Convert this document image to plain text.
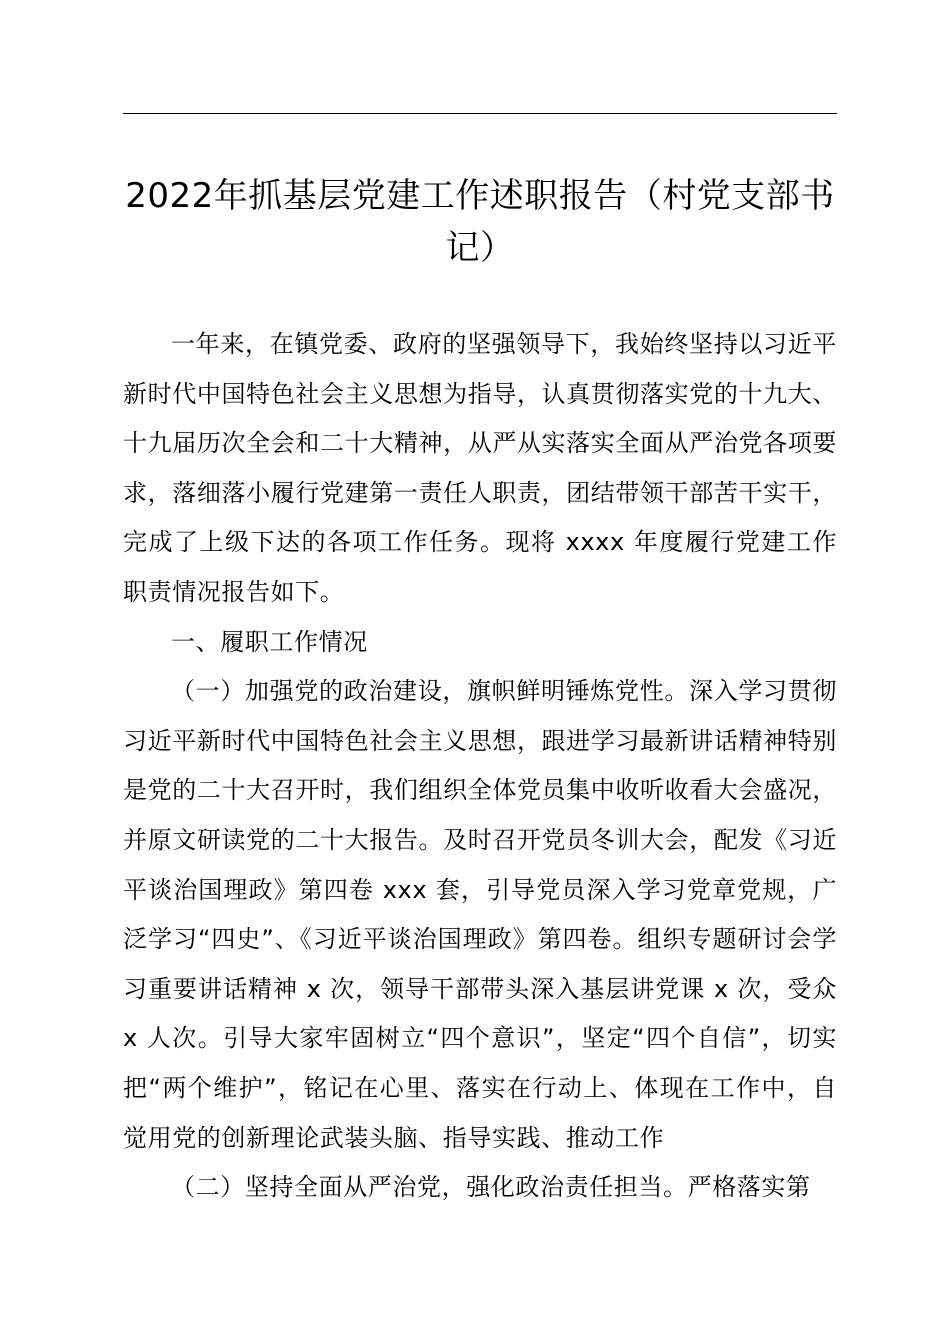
2022年抓基层党建工作述职报告（村党支部书记）

一年来，在镇党委、政府的坚强领导下，我始终坚持以习近平新时代中国特色社会主义思想为指导，认真贯彻落实党的十九大、十九届历次全会和二十大精神，从严从实落实全面从严治党各项要求，落细落小履行党建第一责任人职责，团结带领干部苦干实干，完成了上级下达的各项工作任务。现将 xxxx 年度履行党建工作职责情况报告如下。

一、履职工作情况

（一）加强党的政治建设，旗帜鲜明锤炼党性。深入学习贯彻习近平新时代中国特色社会主义思想，跟进学习最新讲话精神特别是党的二十大召开时，我们组织全体党员集中收听收看大会盛况，并原文研读党的二十大报告。及时召开党员冬训大会，配发《习近平谈治国理政》第四卷 xxx 套，引导党员深入学习党章党规，广泛学习“四史”、《习近平谈治国理政》第四卷。组织专题研讨会学习重要讲话精神 x 次，领导干部带头深入基层讲党课 x 次，受众 x 人次。引导大家牢固树立“四个意识”，坚定“四个自信”，切实把“两个维护”，铭记在心里、落实在行动上、体现在工作中，自觉用党的创新理论武装头脑、指导实践、推动工作

（二）坚持全面从严治党，强化政治责任担当。严格落实第
